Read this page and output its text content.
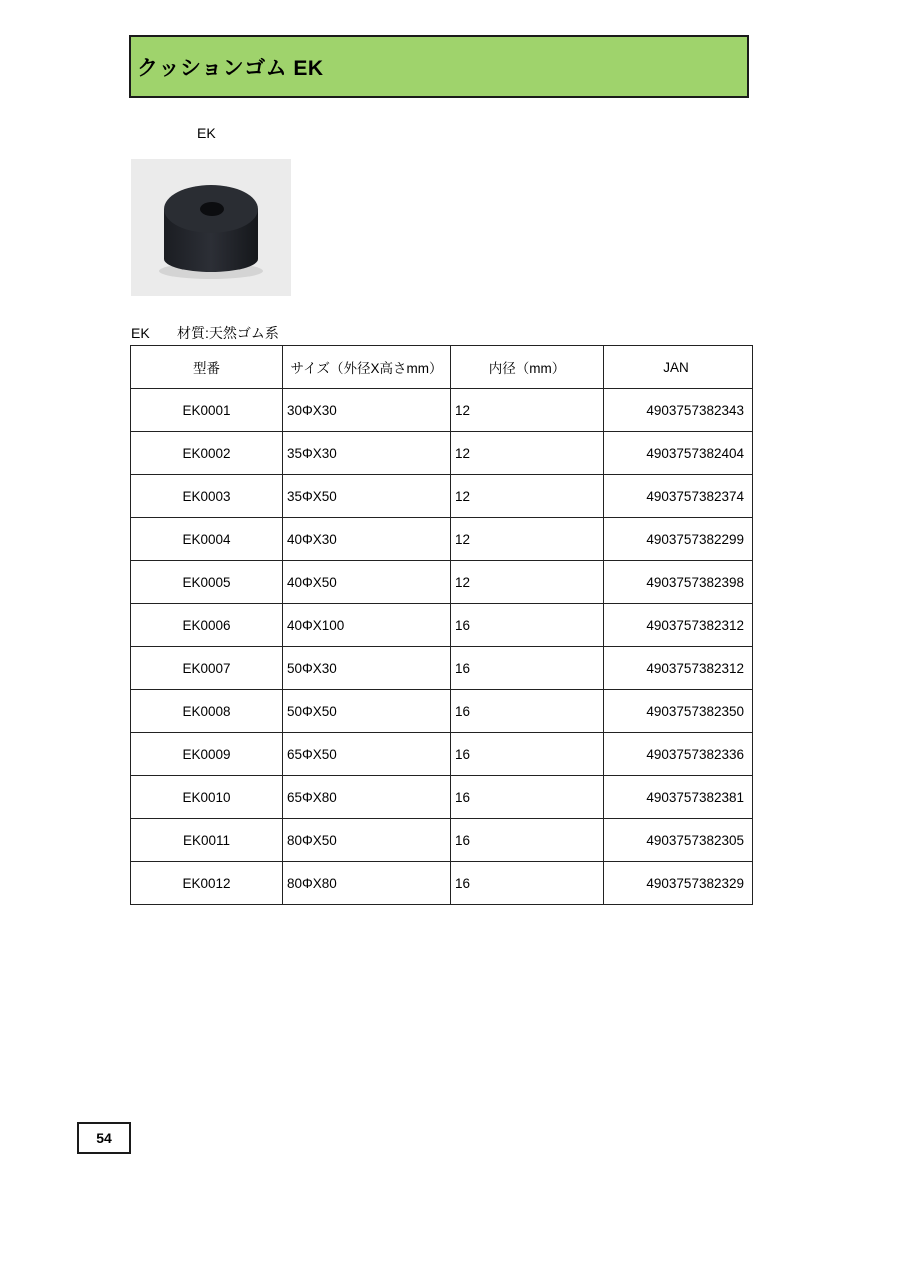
クッションゴム EK
EK
EK 材質:天然ゴム系
型番	サイズ（外径X高さmm）	内径（mm）	JAN
EK0001	30ΦX30	12	4903757382343
EK0002	35ΦX30	12	4903757382404
EK0003	35ΦX50	12	4903757382374
EK0004	40ΦX30	12	4903757382299
EK0005	40ΦX50	12	4903757382398
EK0006	40ΦX100	16	4903757382312
EK0007	50ΦX30	16	4903757382312
EK0008	50ΦX50	16	4903757382350
EK0009	65ΦX50	16	4903757382336
EK0010	65ΦX80	16	4903757382381
EK0011	80ΦX50	16	4903757382305
EK0012	80ΦX80	16	4903757382329
54
